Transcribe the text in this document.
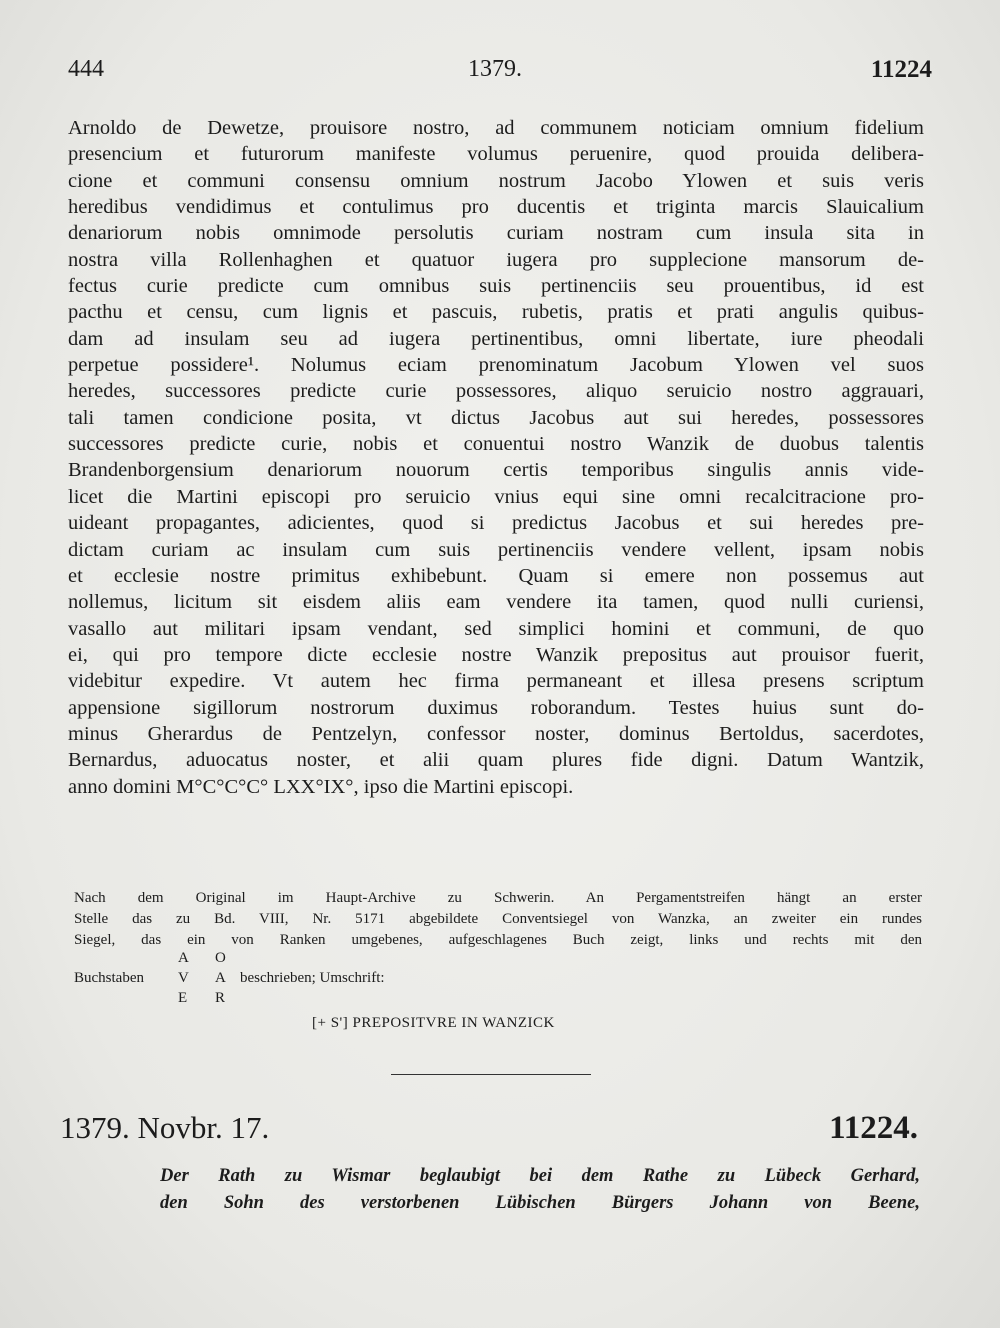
444	1379.	11224
Arnoldo de Dewetze, prouisore nostro, ad communem noticiam omnium fidelium
presencium et futurorum manifeste volumus peruenire, quod prouida delibera-
cione et communi consensu omnium nostrum Jacobo Ylowen et suis veris
heredibus vendidimus et contulimus pro ducentis et triginta marcis Slauicalium
denariorum nobis omnimode persolutis curiam nostram cum insula sita in
nostra villa Rollenhaghen et quatuor iugera pro supplecione mansorum de-
fectus curie predicte cum omnibus suis pertinenciis seu prouentibus, id est
pacthu et censu, cum lignis et pascuis, rubetis, pratis et prati angulis quibus-
dam ad insulam seu ad iugera pertinentibus, omni libertate, iure pheodali
perpetue possidere¹. Nolumus eciam prenominatum Jacobum Ylowen vel suos
heredes, successores predicte curie possessores, aliquo seruicio nostro aggrauari,
tali tamen condicione posita, vt dictus Jacobus aut sui heredes, possessores
successores predicte curie, nobis et conuentui nostro Wanzik de duobus talentis
Brandenborgensium denariorum nouorum certis temporibus singulis annis vide-
licet die Martini episcopi pro seruicio vnius equi sine omni recalcitracione pro-
uideant propagantes, adicientes, quod si predictus Jacobus et sui heredes pre-
dictam curiam ac insulam cum suis pertinenciis vendere vellent, ipsam nobis
et ecclesie nostre primitus exhibebunt. Quam si emere non possemus aut
nollemus, licitum sit eisdem aliis eam vendere ita tamen, quod nulli curiensi,
vasallo aut militari ipsam vendant, sed simplici homini et communi, de quo
ei, qui pro tempore dicte ecclesie nostre Wanzik prepositus aut prouisor fuerit,
videbitur expedire. Vt autem hec firma permaneant et illesa presens scriptum
appensione sigillorum nostrorum duximus roborandum. Testes huius sunt do-
minus Gherardus de Pentzelyn, confessor noster, dominus Bertoldus, sacerdotes,
Bernardus, aduocatus noster, et alii quam plures fide digni. Datum Wantzik,
anno domini M°C°C°C° LXX°IX°, ipso die Martini episcopi.
Nach dem Original im Haupt-Archive zu Schwerin. An Pergamentstreifen hängt an erster
Stelle das zu Bd. VIII, Nr. 5171 abgebildete Conventsiegel von Wanzka, an zweiter ein rundes
Siegel, das ein von Ranken umgebenes, aufgeschlagenes Buch zeigt, links und rechts mit den
A O
Buchstaben V A beschrieben; Umschrift:
E R
[+ S'] PREPOSITVRE IN WANZICK
1379. Novbr. 17.	11224.
Der Rath zu Wismar beglaubigt bei dem Rathe zu Lübeck Gerhard,
den Sohn des verstorbenen Lübischen Bürgers Johann von Beene,
